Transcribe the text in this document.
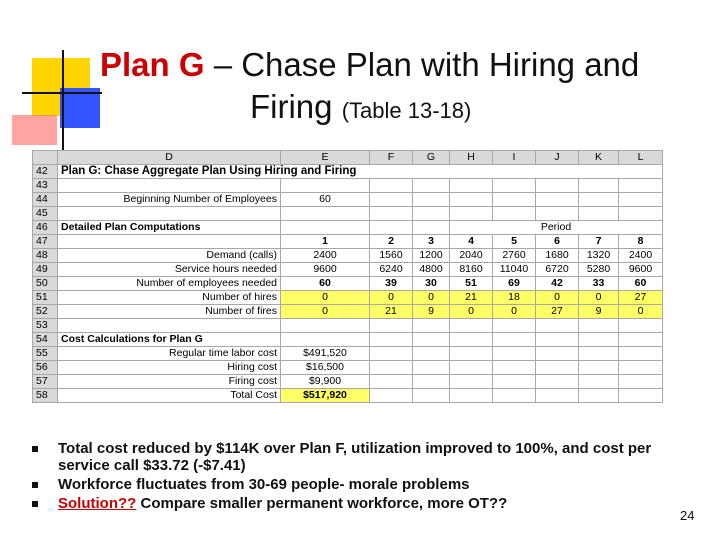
Plan G – Chase Plan with Hiring and
Firing (Table 13-18)
	D	E	F	G	H	I	J	K	L
42	Plan G: Chase Aggregate Plan Using Hiring and Firing								
43									
44	Beginning Number of Employees	60							
45									
46	Detailed Plan Computations				Period				
47		1	2	3	4	5	6	7	8
48	Demand (calls)	2400	1560	1200	2040	2760	1680	1320	2400
49	Service hours needed	9600	6240	4800	8160	11040	6720	5280	9600
50	Number of employees needed	60	39	30	51	69	42	33	60
51	Number of hires	0	0	0	21	18	0	0	27
52	Number of fires	0	21	9	0	0	27	9	0
53									
54	Cost Calculations for Plan G								
55	Regular time labor cost	$491,520							
56	Hiring cost	$16,500							
57	Firing cost	$9,900							
58	Total Cost	$517,920							
Total cost reduced by $114K over Plan F, utilization improved to 100%, and cost per service call $33.72 (-$7.41)
Workforce fluctuates from 30-69 people- morale problems
Solution?? Compare smaller permanent workforce, more OT??
24
